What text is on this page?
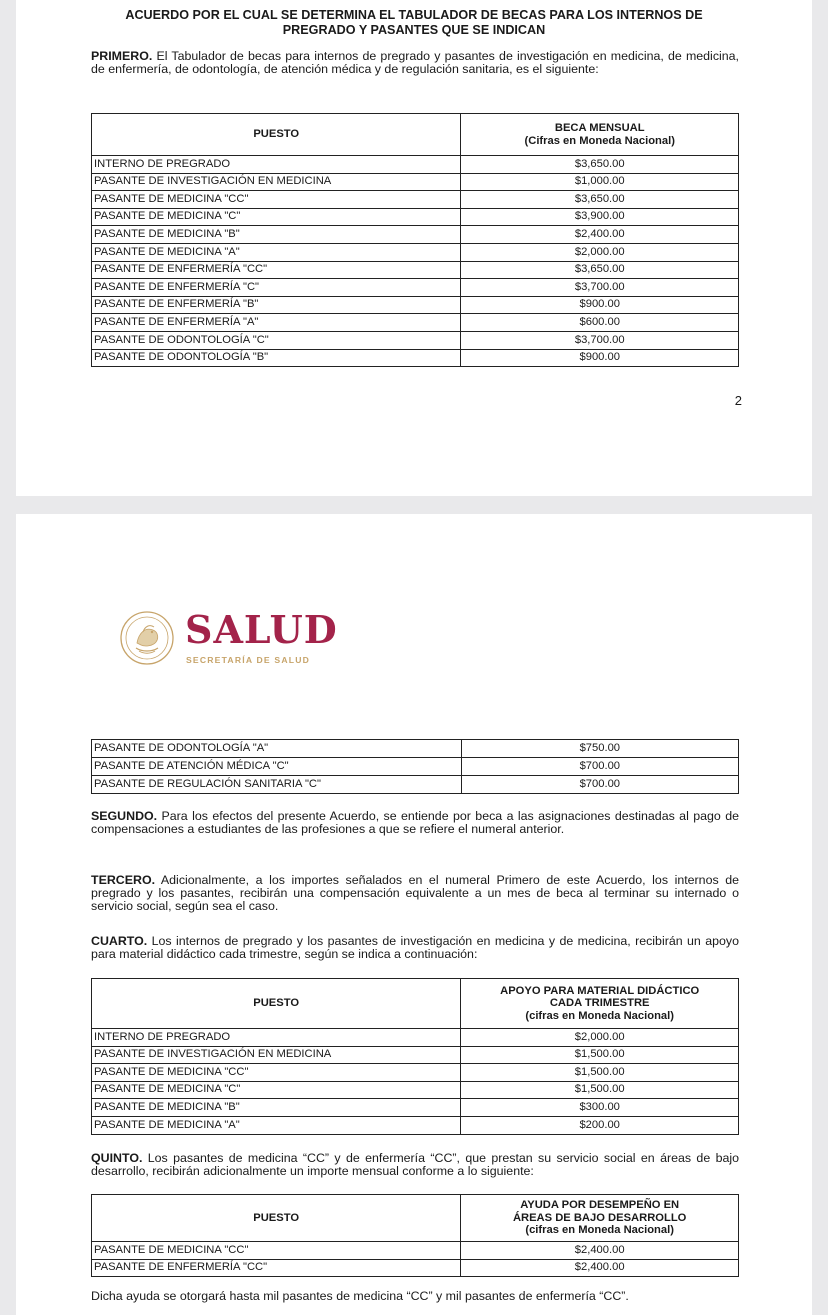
ACUERDO POR EL CUAL SE DETERMINA EL TABULADOR DE BECAS PARA LOS INTERNOS DE
PREGRADO Y PASANTES QUE SE INDICAN
PRIMERO. El Tabulador de becas para internos de pregrado y pasantes de investigación en medicina, de medicina, de enfermería, de odontología, de atención médica y de regulación sanitaria, es el siguiente:
PUESTO	BECA MENSUAL
(Cifras en Moneda Nacional)

INTERNO DE PREGRADO	$3,650.00
PASANTE DE INVESTIGACIÓN EN MEDICINA	$1,000.00
PASANTE DE MEDICINA "CC"	$3,650.00
PASANTE DE MEDICINA "C"	$3,900.00
PASANTE DE MEDICINA "B"	$2,400.00
PASANTE DE MEDICINA "A"	$2,000.00
PASANTE DE ENFERMERÍA "CC"	$3,650.00
PASANTE DE ENFERMERÍA "C"	$3,700.00
PASANTE DE ENFERMERÍA "B"	$900.00
PASANTE DE ENFERMERÍA "A"	$600.00
PASANTE DE ODONTOLOGÍA "C"	$3,700.00
PASANTE DE ODONTOLOGÍA "B"	$900.00
2
SALUD
SECRETARÍA DE SALUD
PASANTE DE ODONTOLOGÍA "A"	$750.00
PASANTE DE ATENCIÓN MÉDICA "C"	$700.00
PASANTE DE REGULACIÓN SANITARIA "C"	$700.00
SEGUNDO. Para los efectos del presente Acuerdo, se entiende por beca a las asignaciones destinadas al pago de compensaciones a estudiantes de las profesiones a que se refiere el numeral anterior.
TERCERO. Adicionalmente, a los importes señalados en el numeral Primero de este Acuerdo, los internos de pregrado y los pasantes, recibirán una compensación equivalente a un mes de beca al terminar su internado o servicio social, según sea el caso.
CUARTO. Los internos de pregrado y los pasantes de investigación en medicina y de medicina, recibirán un apoyo para material didáctico cada trimestre, según se indica a continuación:
PUESTO	APOYO PARA MATERIAL DIDÁCTICO
CADA TRIMESTRE
(cifras en Moneda Nacional)

INTERNO DE PREGRADO	$2,000.00
PASANTE DE INVESTIGACIÓN EN MEDICINA	$1,500.00
PASANTE DE MEDICINA "CC"	$1,500.00
PASANTE DE MEDICINA "C"	$1,500.00
PASANTE DE MEDICINA "B"	$300.00
PASANTE DE MEDICINA "A"	$200.00
QUINTO. Los pasantes de medicina “CC” y de enfermería “CC”, que prestan su servicio social en áreas de bajo desarrollo, recibirán adicionalmente un importe mensual conforme a lo siguiente:
PUESTO	AYUDA POR DESEMPEÑO EN
ÁREAS DE BAJO DESARROLLO
(cifras en Moneda Nacional)

PASANTE DE MEDICINA "CC"	$2,400.00
PASANTE DE ENFERMERÍA "CC"	$2,400.00
Dicha ayuda se otorgará hasta mil pasantes de medicina “CC” y mil pasantes de enfermería “CC”.
